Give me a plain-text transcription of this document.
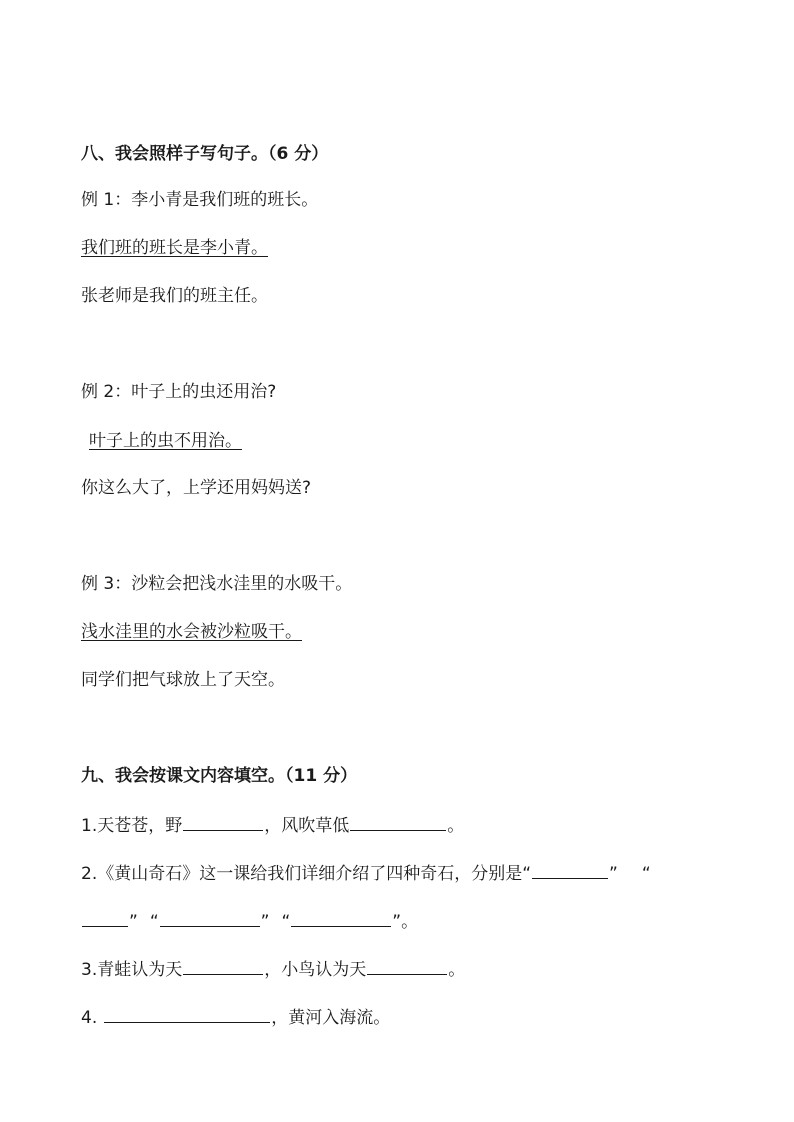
八、我会照样子写句子。（6 分）
例 1：李小青是我们班的班长。
我们班的班长是李小青。
张老师是我们的班主任。
例 2：叶子上的虫还用治?
叶子上的虫不用治。
你这么大了，上学还用妈妈送?
例 3：沙粒会把浅水洼里的水吸干。
浅水洼里的水会被沙粒吸干。
同学们把气球放上了天空。
九、我会按课文内容填空。（11 分）
1.天苍苍，野	，风吹草低	。
2.《黄山奇石》这一课给我们详细介绍了四种奇石，分别是“	” “
” “	” “	”。
3.青蛙认为天	，小鸟认为天	。
4.	，黄河入海流。
